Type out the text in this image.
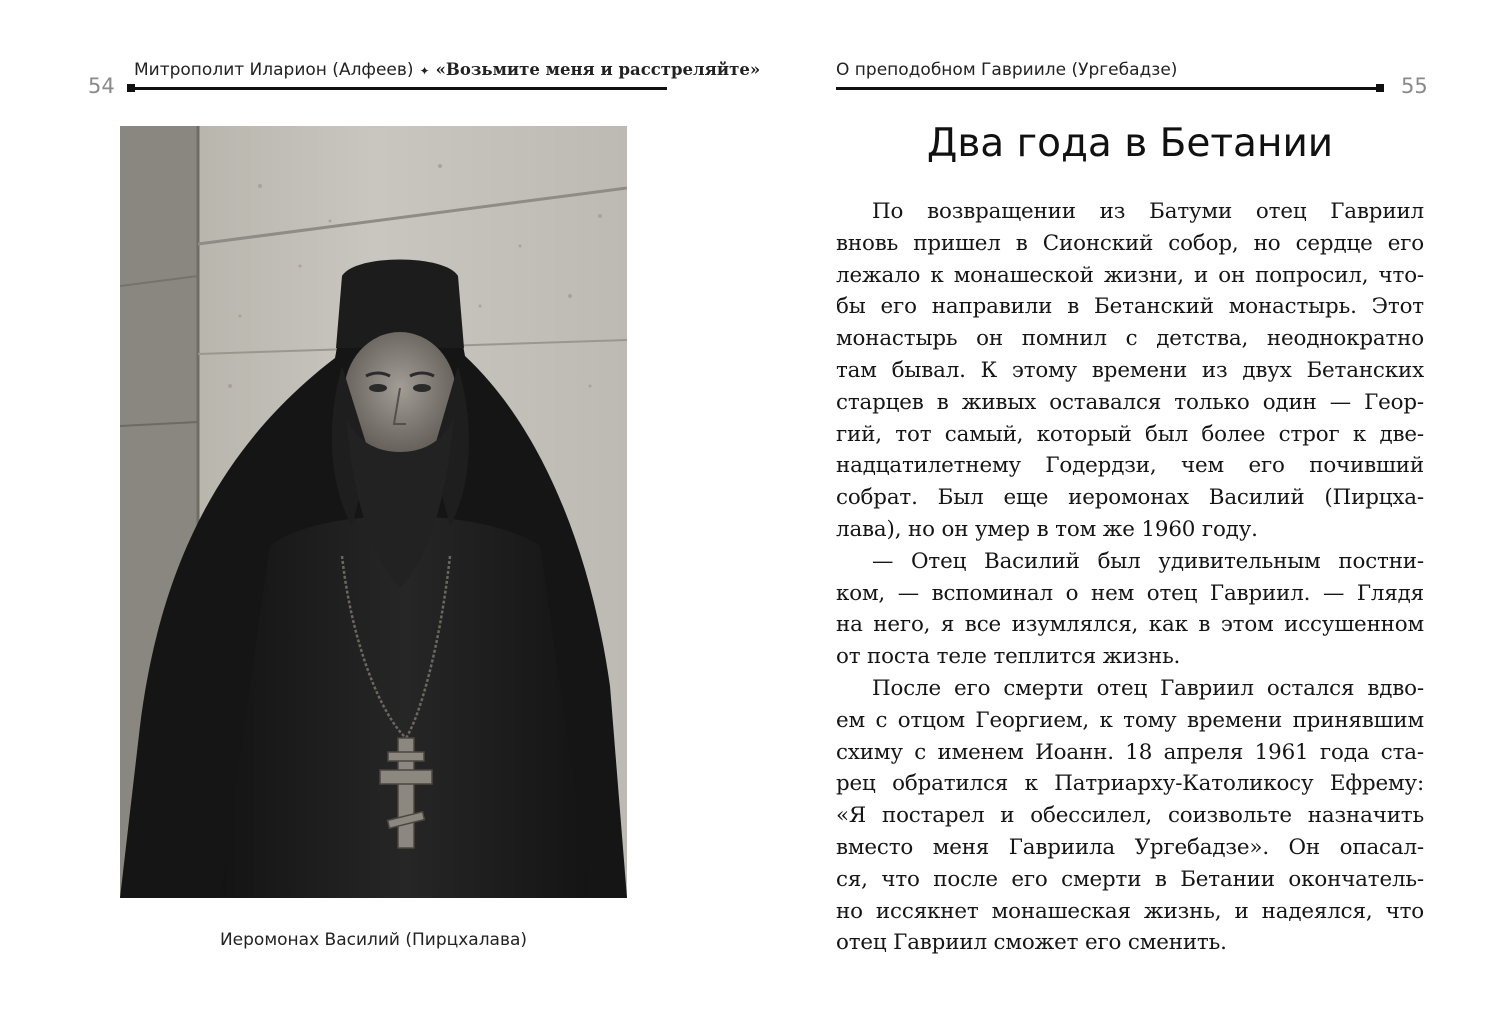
Митрополит Иларион (Алфеев) ✦ «Возьмите меня и расстреляйте»
54
Иеромонах Василий (Пирцхалава)
О преподобном Гаврииле (Ургебадзе)
55
Два года в Бетании
По возвращении из Батуми отец Гавриил
вновь пришел в Сионский собор, но сердце его
лежало к монашеской жизни, и он попросил, что-
бы его направили в Бетанский монастырь. Этот
монастырь он помнил с детства, неоднократно
там бывал. К этому времени из двух Бетанских
старцев в живых оставался только один — Геор-
гий, тот самый, который был более строг к две-
надцатилетнему Годердзи, чем его почивший
собрат. Был еще иеромонах Василий (Пирцха-
лава), но он умер в том же 1960 году.
— Отец Василий был удивительным постни-
ком, — вспоминал о нем отец Гавриил. — Глядя
на него, я все изумлялся, как в этом иссушенном
от поста теле теплится жизнь.
После его смерти отец Гавриил остался вдво-
ем с отцом Георгием, к тому времени принявшим
схиму с именем Иоанн. 18 апреля 1961 года ста-
рец обратился к Патриарху-Католикосу Ефрему:
«Я постарел и обессилел, соизвольте назначить
вместо меня Гавриила Ургебадзе». Он опасал-
ся, что после его смерти в Бетании окончатель-
но иссякнет монашеская жизнь, и надеялся, что
отец Гавриил сможет его сменить.
